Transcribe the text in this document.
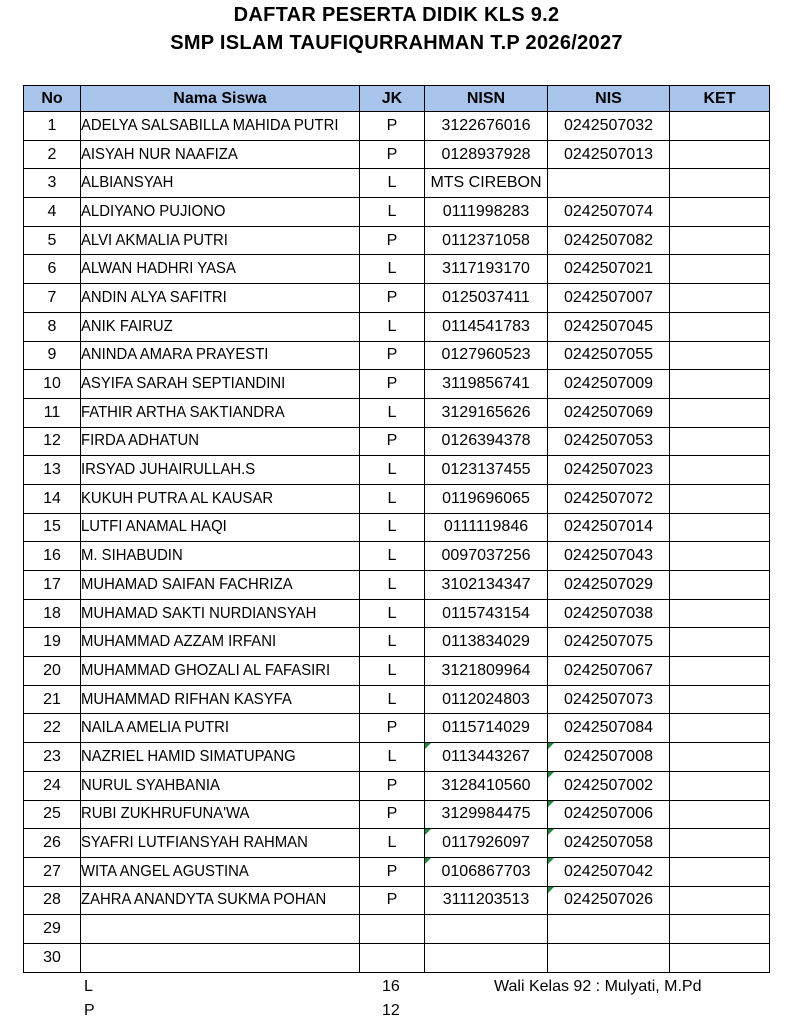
DAFTAR PESERTA DIDIK KLS 9.2
SMP ISLAM TAUFIQURRAHMAN T.P 2026/2027
No	Nama Siswa	JK	NISN	NIS	KET
1	ADELYA SALSABILLA MAHIDA PUTRI	P	3122676016	0242507032	
2	AISYAH NUR NAAFIZA	P	0128937928	0242507013	
3	ALBIANSYAH	L	MTS CIREBON		
4	ALDIYANO PUJIONO	L	0111998283	0242507074	
5	ALVI AKMALIA PUTRI	P	0112371058	0242507082	
6	ALWAN HADHRI YASA	L	3117193170	0242507021	
7	ANDIN ALYA SAFITRI	P	0125037411	0242507007	
8	ANIK FAIRUZ	L	0114541783	0242507045	
9	ANINDA AMARA PRAYESTI	P	0127960523	0242507055	
10	ASYIFA SARAH SEPTIANDINI	P	3119856741	0242507009	
11	FATHIR ARTHA SAKTIANDRA	L	3129165626	0242507069	
12	FIRDA ADHATUN	P	0126394378	0242507053	
13	IRSYAD JUHAIRULLAH.S	L	0123137455	0242507023	
14	KUKUH PUTRA AL KAUSAR	L	0119696065	0242507072	
15	LUTFI ANAMAL HAQI	L	0111119846	0242507014	
16	M. SIHABUDIN	L	0097037256	0242507043	
17	MUHAMAD SAIFAN FACHRIZA	L	3102134347	0242507029	
18	MUHAMAD SAKTI NURDIANSYAH	L	0115743154	0242507038	
19	MUHAMMAD AZZAM IRFANI	L	0113834029	0242507075	
20	MUHAMMAD GHOZALI AL FAFASIRI	L	3121809964	0242507067	
21	MUHAMMAD RIFHAN KASYFA	L	0112024803	0242507073	
22	NAILA AMELIA PUTRI	P	0115714029	0242507084	
23	NAZRIEL HAMID SIMATUPANG	L	0113443267	0242507008	
24	NURUL SYAHBANIA	P	3128410560	0242507002	
25	RUBI ZUKHRUFUNA'WA	P	3129984475	0242507006	
26	SYAFRI LUTFIANSYAH RAHMAN	L	0117926097	0242507058	
27	WITA ANGEL AGUSTINA	P	0106867703	0242507042	
28	ZAHRA ANANDYTA SUKMA POHAN	P	3111203513	0242507026	
29					
30					
L	16
P	12
Wali Kelas 92 : Mulyati, M.Pd
